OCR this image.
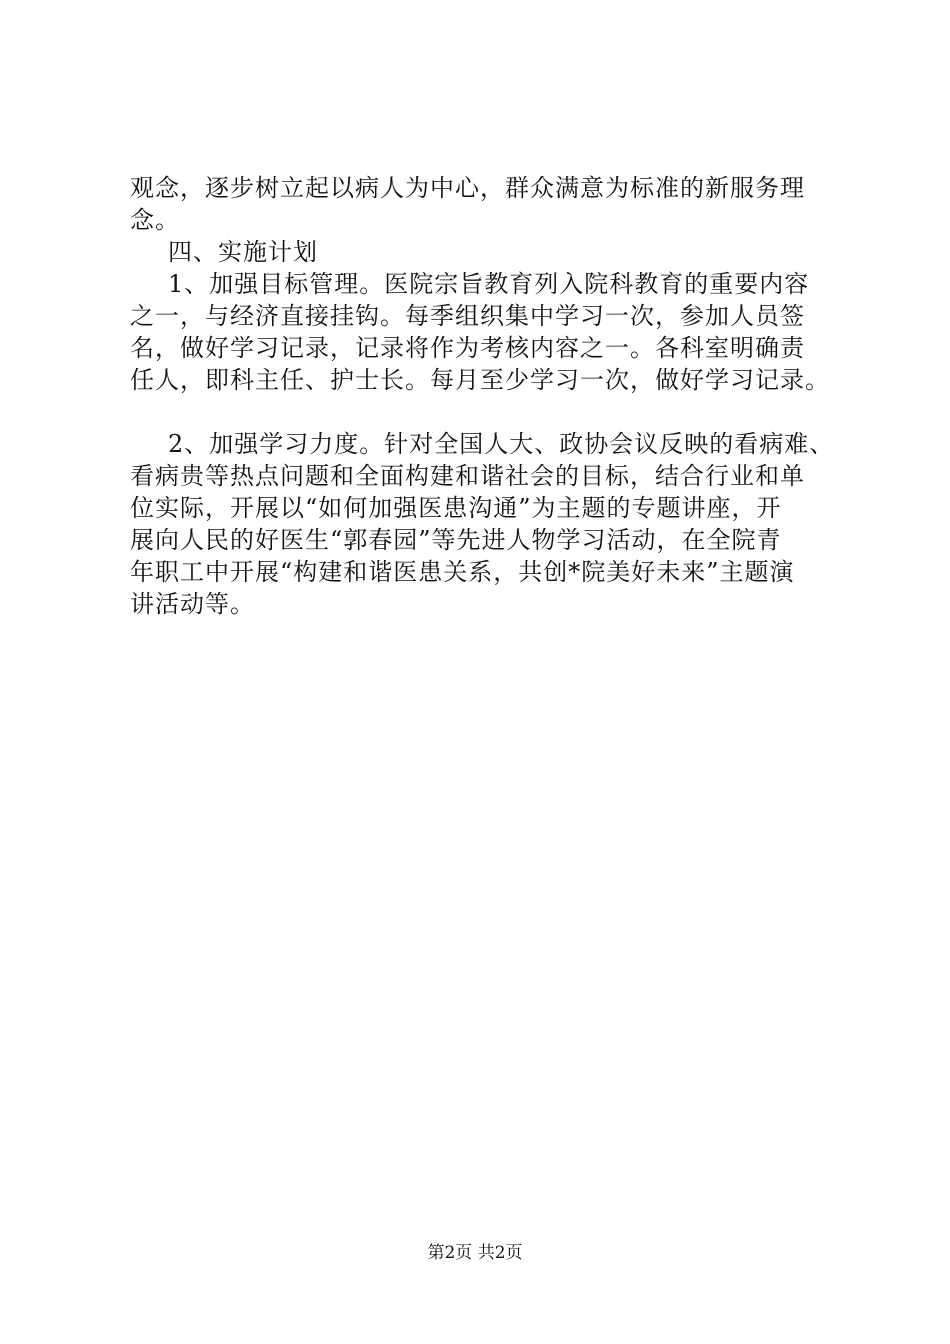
观念，逐步树立起以病人为中心，群众满意为标准的新服务理
念。
四、实施计划
1、加强目标管理。医院宗旨教育列入院科教育的重要内容
之一，与经济直接挂钩。每季组织集中学习一次，参加人员签
名，做好学习记录，记录将作为考核内容之一。各科室明确责
任人，即科主任、护士长。每月至少学习一次，做好学习记录。
2、加强学习力度。针对全国人大、政协会议反映的看病难、
看病贵等热点问题和全面构建和谐社会的目标，结合行业和单
位实际，开展以“如何加强医患沟通”为主题的专题讲座，开
展向人民的好医生“郭春园”等先进人物学习活动，在全院青
年职工中开展“构建和谐医患关系，共创*院美好未来”主题演
讲活动等。
第2页 共2页
